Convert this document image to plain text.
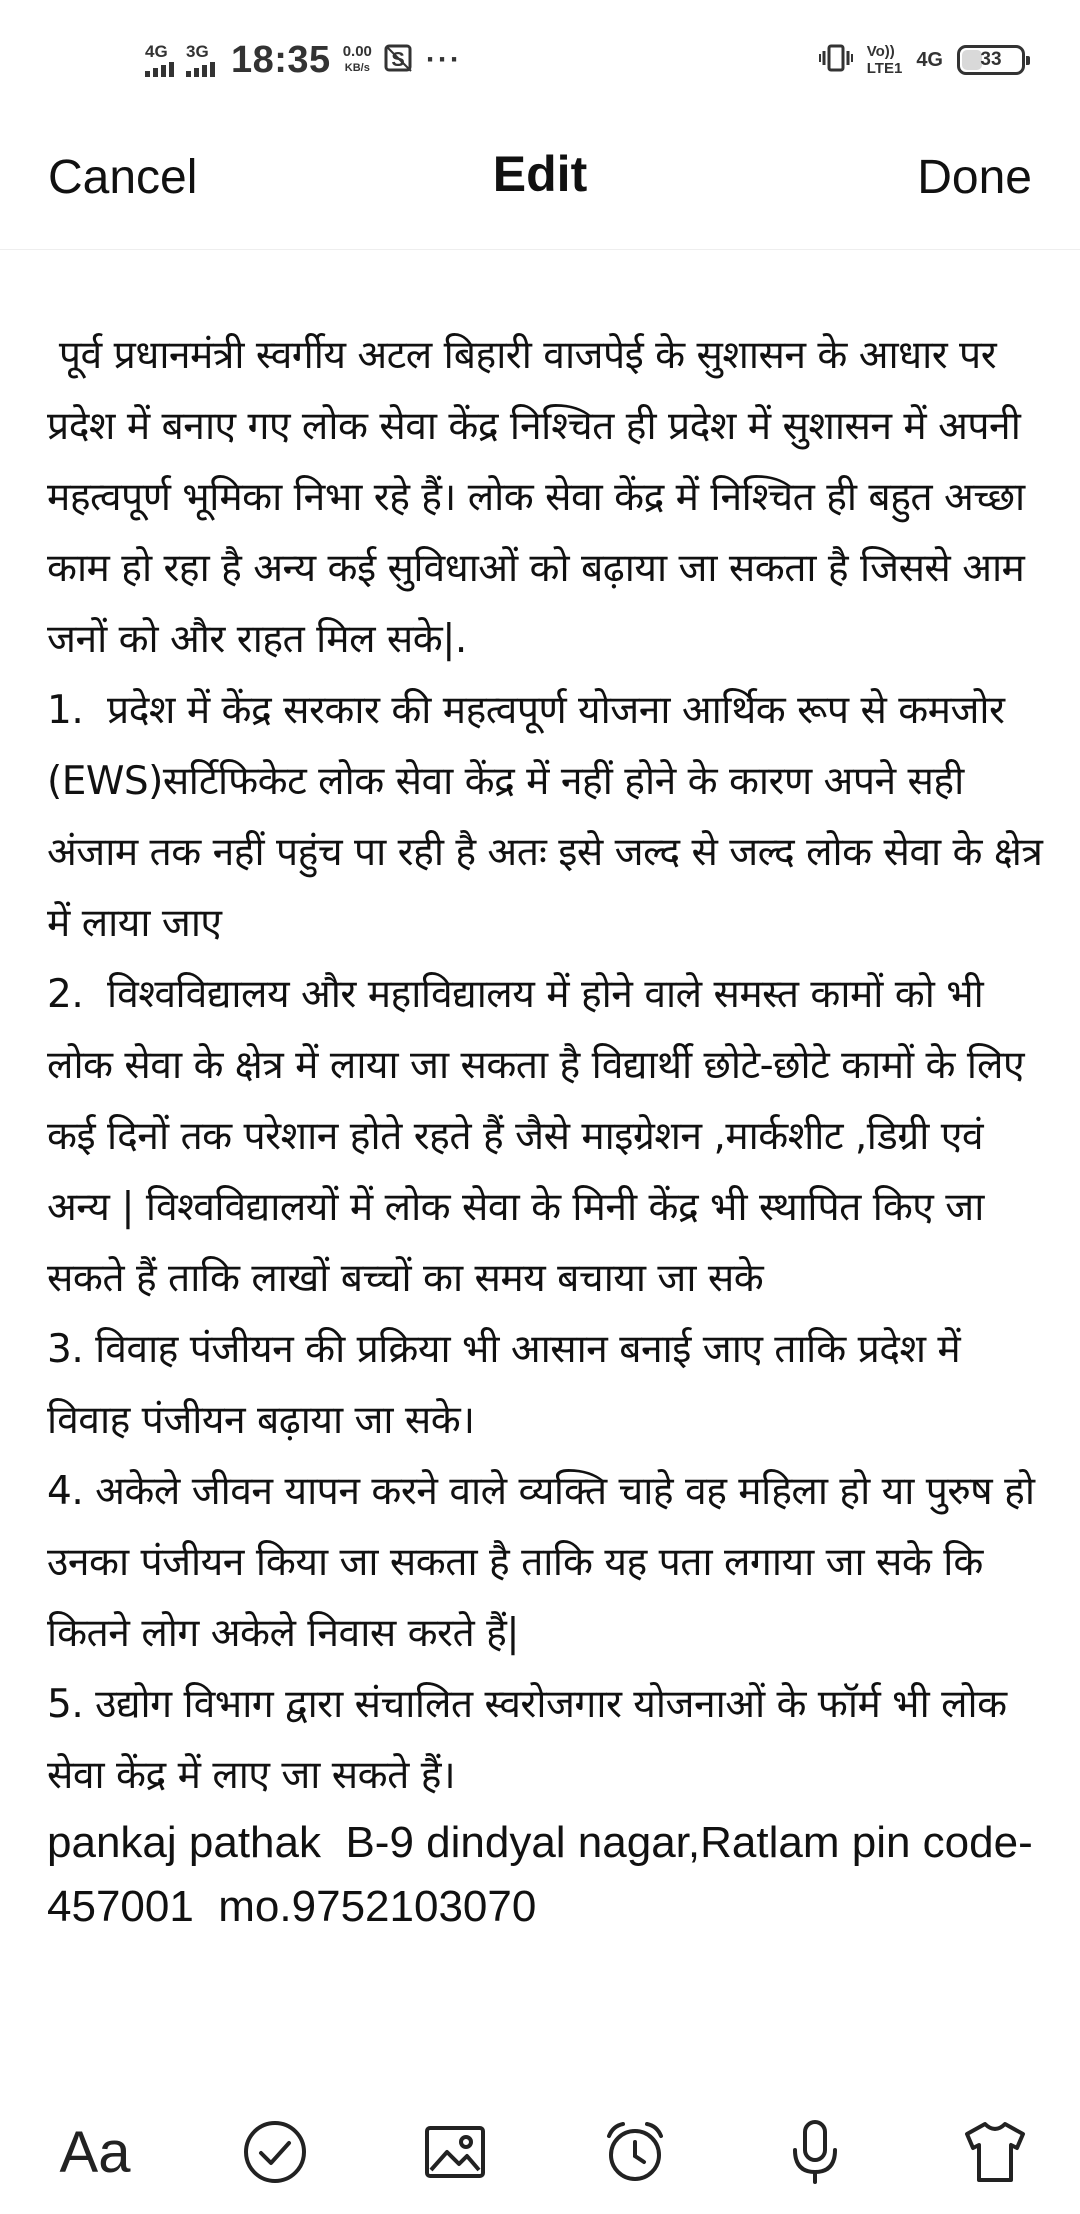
4G 3G 18:35 0.00
KB/s S ···	Vo))
LTE1 4G 33
Cancel	Edit	Done

पूर्व प्रधानमंत्री स्वर्गीय अटल बिहारी वाजपेई के सुशासन के आधार पर प्रदेश में बनाए गए लोक सेवा केंद्र निश्चित ही प्रदेश में सुशासन में अपनी महत्वपूर्ण भूमिका निभा रहे हैं। लोक सेवा केंद्र में निश्चित ही बहुत अच्छा काम हो रहा है अन्य कई सुविधाओं को बढ़ाया जा सकता है जिससे आम जनों को और राहत मिल सके|.

1.  प्रदेश में केंद्र सरकार की महत्वपूर्ण योजना आर्थिक रूप से कमजोर (EWS)सर्टिफिकेट लोक सेवा केंद्र में नहीं होने के कारण अपने सही अंजाम तक नहीं पहुंच पा रही है अतः इसे जल्द से जल्द लोक सेवा के क्षेत्र में लाया जाए

2.  विश्वविद्यालय और महाविद्यालय में होने वाले समस्त कामों को भी लोक सेवा के क्षेत्र में लाया जा सकता है विद्यार्थी छोटे-छोटे कामों के लिए कई दिनों तक परेशान होते रहते हैं जैसे माइग्रेशन ,मार्कशीट ,डिग्री एवं अन्य | विश्वविद्यालयों में लोक सेवा के मिनी केंद्र भी स्थापित किए जा सकते हैं ताकि लाखों बच्चों का समय बचाया जा सके

3. विवाह पंजीयन की प्रक्रिया भी आसान बनाई जाए ताकि प्रदेश में विवाह पंजीयन बढ़ाया जा सके।

4. अकेले जीवन यापन करने वाले व्यक्ति चाहे वह महिला हो या पुरुष हो उनका पंजीयन किया जा सकता है ताकि यह पता लगाया जा सके कि कितने लोग अकेले निवास करते हैं|

5. उद्योग विभाग द्वारा संचालित स्वरोजगार योजनाओं के फॉर्म भी लोक सेवा केंद्र में लाए जा सकते हैं।

pankaj pathak  B-9 dindyal nagar,Ratlam pin code-457001  mo.9752103070

Aa
